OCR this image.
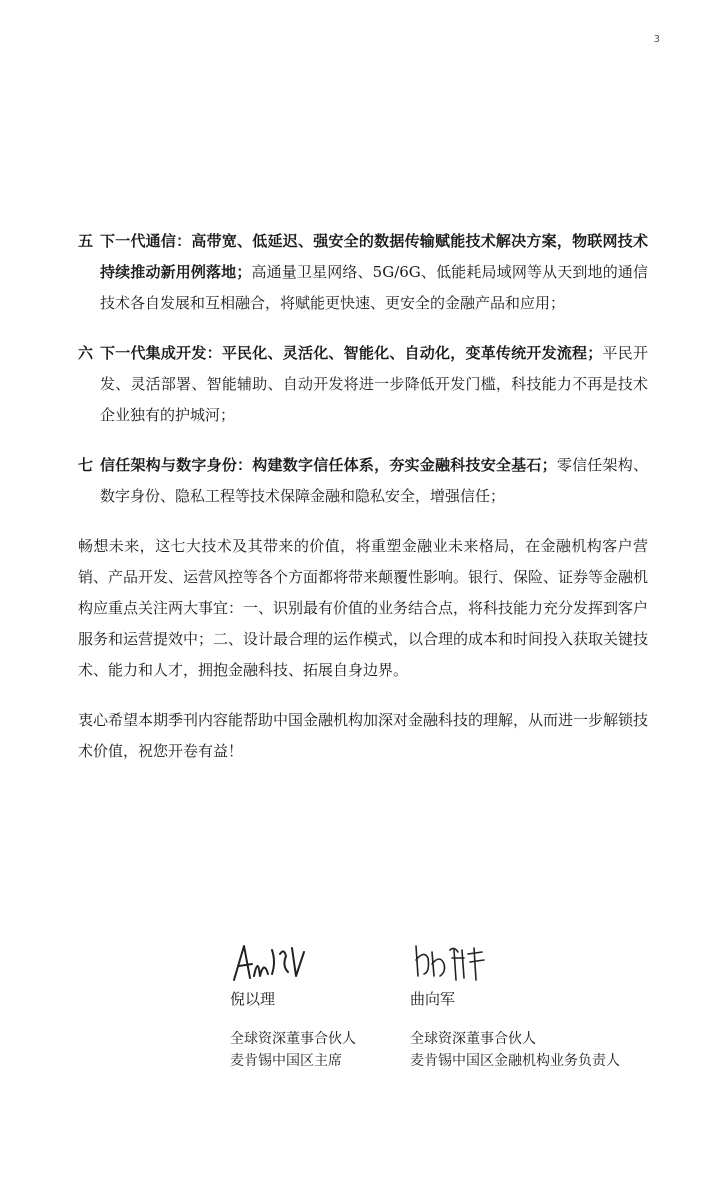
3
五 下一代通信：高带宽、低延迟、强安全的数据传输赋能技术解决方案，物联网技术持续推动新用例落地；高通量卫星网络、5G/6G、低能耗局域网等从天到地的通信技术各自发展和互相融合，将赋能更快速、更安全的金融产品和应用；
六 下一代集成开发：平民化、灵活化、智能化、自动化，变革传统开发流程；平民开发、灵活部署、智能辅助、自动开发将进一步降低开发门槛，科技能力不再是技术企业独有的护城河；
七 信任架构与数字身份：构建数字信任体系，夯实金融科技安全基石；零信任架构、数字身份、隐私工程等技术保障金融和隐私安全，增强信任；

畅想未来，这七大技术及其带来的价值，将重塑金融业未来格局，在金融机构客户营销、产品开发、运营风控等各个方面都将带来颠覆性影响。银行、保险、证券等金融机构应重点关注两大事宜：一、识别最有价值的业务结合点，将科技能力充分发挥到客户服务和运营提效中；二、设计最合理的运作模式，以合理的成本和时间投入获取关键技术、能力和人才，拥抱金融科技、拓展自身边界。

衷心希望本期季刊内容能帮助中国金融机构加深对金融科技的理解，从而进一步解锁技术价值，祝您开卷有益！

倪以理
全球资深董事合伙人
麦肯锡中国区主席
曲向军
全球资深董事合伙人
麦肯锡中国区金融机构业务负责人
